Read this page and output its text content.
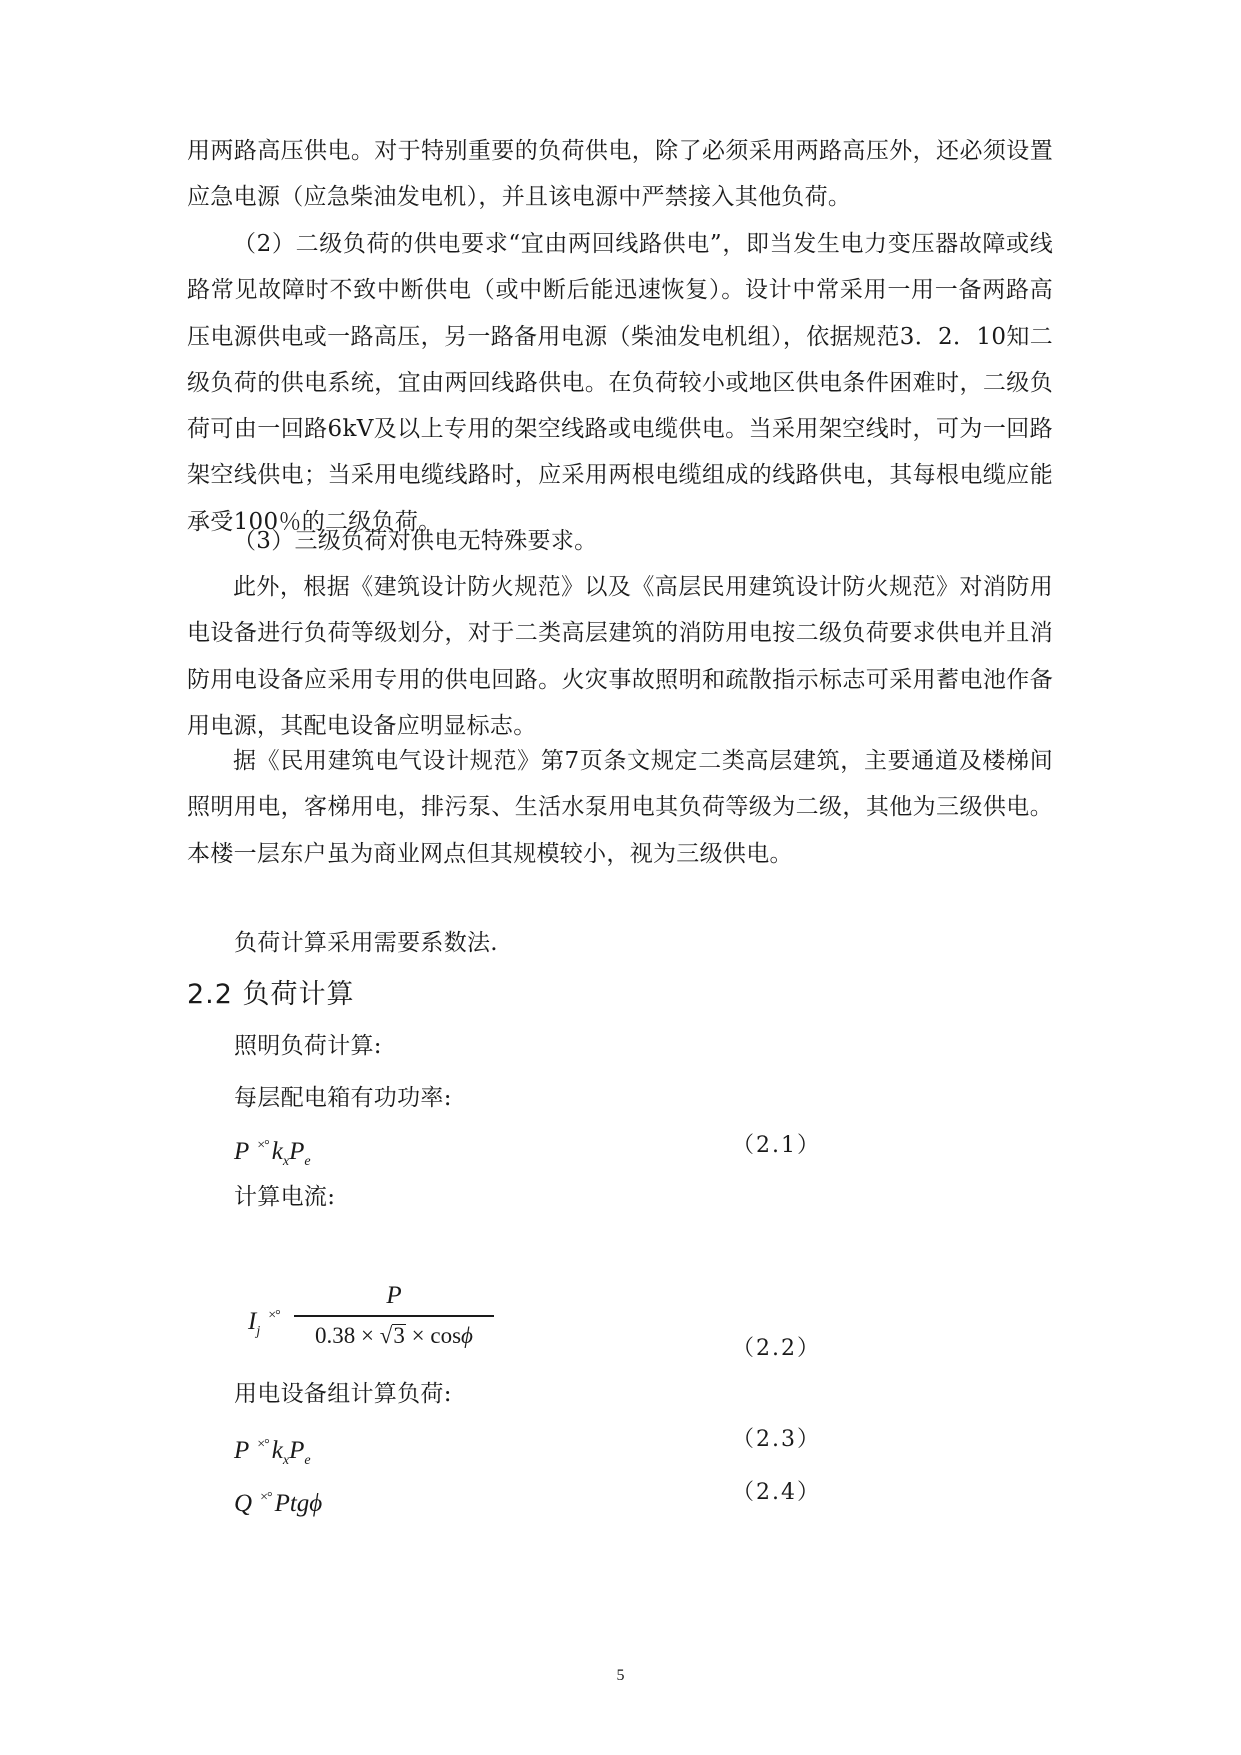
用两路高压供电。对于特别重要的负荷供电，除了必须采用两路高压外，还必须设置应急电源（应急柴油发电机），并且该电源中严禁接入其他负荷。

（2）二级负荷的供电要求“宜由两回线路供电”，即当发生电力变压器故障或线路常见故障时不致中断供电（或中断后能迅速恢复）。设计中常采用一用一备两路高压电源供电或一路高压，另一路备用电源（柴油发电机组），依据规范3．2．10知二级负荷的供电系统，宜由两回线路供电。在负荷较小或地区供电条件困难时，二级负荷可由一回路6kV及以上专用的架空线路或电缆供电。当采用架空线时，可为一回路架空线供电；当采用电缆线路时，应采用两根电缆组成的线路供电，其每根电缆应能承受100％的二级负荷。

（3）三级负荷对供电无特殊要求。

此外，根据《建筑设计防火规范》以及《高层民用建筑设计防火规范》对消防用电设备进行负荷等级划分，对于二类高层建筑的消防用电按二级负荷要求供电并且消防用电设备应采用专用的供电回路。火灾事故照明和疏散指示标志可采用蓄电池作备用电源，其配电设备应明显标志。

据《民用建筑电气设计规范》第7页条文规定二类高层建筑，主要通道及楼梯间照明用电，客梯用电，排污泵、生活水泵用电其负荷等级为二级，其他为三级供电。本楼一层东户虽为商业网点但其规模较小，视为三级供电。

2.2 负荷计算

负荷计算采用需要系数法.

照明负荷计算:

每层配电箱有功功率:

P ×° $k_xP_e$

（2.1）

计算电流:

$I_j^{\times^\circ}$
P
0.38 × √3 × cosϕ

（2.2）

用电设备组计算负荷:

P ×° $k_xP_e$

（2.3）

Q ×° Ptgϕ	（2.4）

5
